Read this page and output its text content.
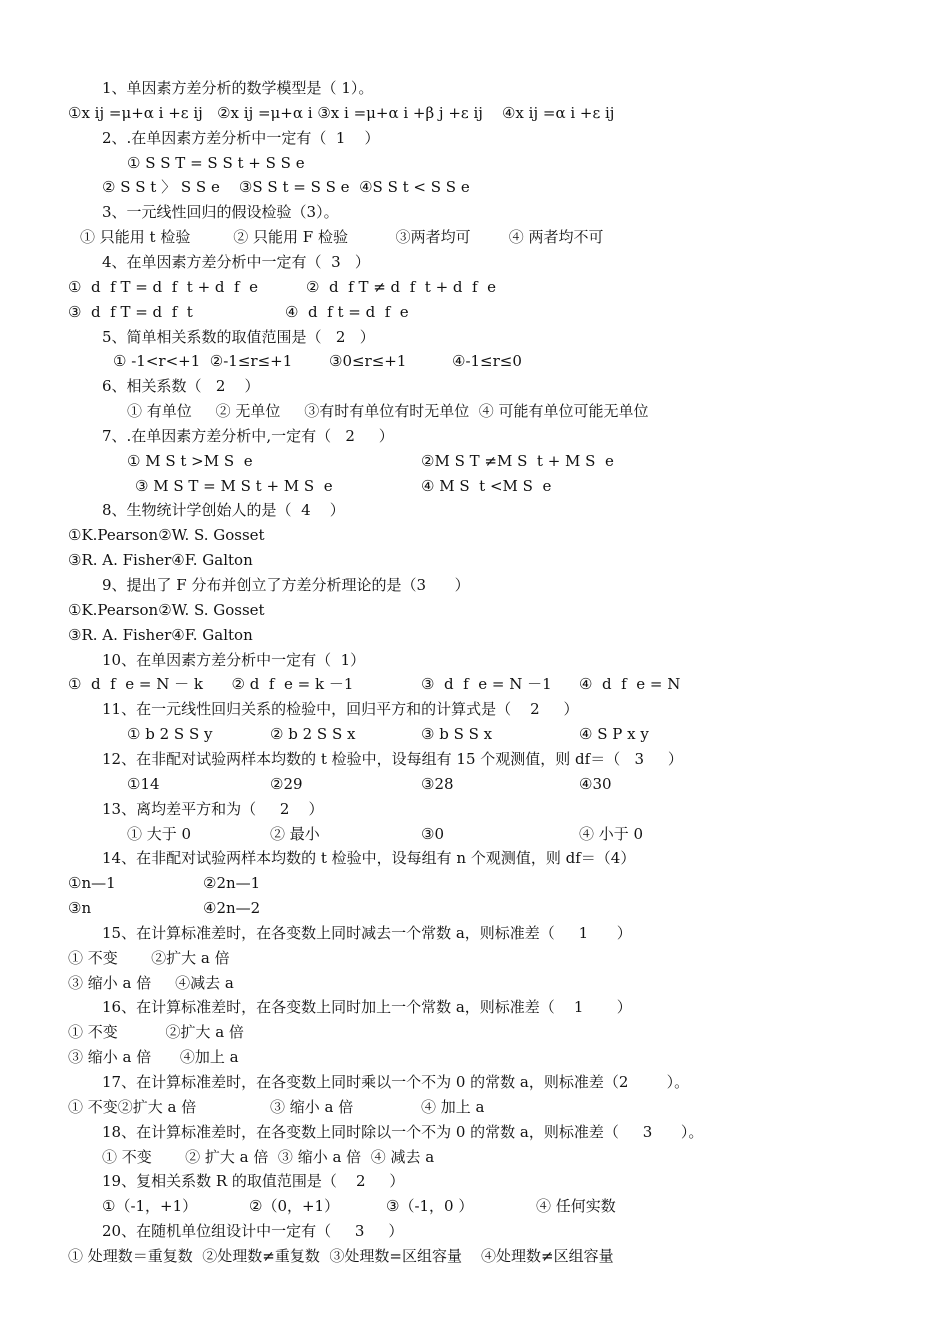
1、单因素方差分析的数学模型是（ 1）。
①x ij =μ+α i +ε ij   ②x ij =μ+α i ③x i =μ+α i +β j +ε ij    ④x ij =α i +ε ij
2、.在单因素方差分析中一定有（  1    ）
① S S T = S S t + S S e
② S S t 〉 S S e    ③S S t = S S e  ④S S t < S S e
3、一元线性回归的假设检验（3）。
① 只能用 t 检验         ② 只能用 F 检验          ③两者均可        ④ 两者均不可
4、在单因素方差分析中一定有（  3   ）
①  d  f T = d  f  t + d  f  e	②  d  f T ≠ d  f  t + d  f  e
③  d  f T = d  f  t	④  d  f t = d  f  e
5、简单相关系数的取值范围是（   2   ）
① -1<r<+1  ②-1≤r≤+1 ③0≤r≤+1	④-1≤r≤0
6、相关系数（   2    ）
① 有单位     ② 无单位     ③有时有单位有时无单位  ④ 可能有单位可能无单位
7、.在单因素方差分析中,一定有（   2     ）
① M S t >M S  e	②M S T ≠M S  t + M S  e
③ M S T = M S t + M S  e	④ M S  t <M S  e
8、生物统计学创始人的是（  4    ）
①K.Pearson②W. S. Gosset
③R. A. Fisher④F. Galton
9、提出了 F 分布并创立了方差分析理论的是（3      ）
①K.Pearson②W. S. Gosset
③R. A. Fisher④F. Galton
10、在单因素方差分析中一定有（  1）
①  d  f  e = N － k      ② d  f  e = k －1	③  d  f  e = N －1 ④  d  f  e = N
11、在一元线性回归关系的检验中，回归平方和的计算式是（    2     ）
① b 2 S S y	② b 2 S S x	③ b S S x	④ S P x y
12、在非配对试验两样本均数的 t 检验中，设每组有 15 个观测值，则 df＝（   3     ）
①14	②29	③28	④30
13、离均差平方和为（     2    ）
① 大于 0	② 最小	③0	④ 小于 0
14、在非配对试验两样本均数的 t 检验中，设每组有 n 个观测值，则 df＝（4）
①n—1	②2n—1
③n	④2n—2
15、在计算标准差时，在各变数上同时减去一个常数 a，则标准差（     1      ）
① 不变       ②扩大 a 倍
③ 缩小 a 倍     ④减去 a
16、在计算标准差时，在各变数上同时加上一个常数 a，则标准差（    1       ）
① 不变          ②扩大 a 倍
③ 缩小 a 倍      ④加上 a
17、在计算标准差时，在各变数上同时乘以一个不为 0 的常数 a，则标准差（2        ）。
① 不变②扩大 a 倍	③ 缩小 a 倍	④ 加上 a
18、在计算标准差时，在各变数上同时除以一个不为 0 的常数 a，则标准差（     3      ）。
① 不变       ② 扩大 a 倍  ③ 缩小 a 倍  ④ 减去 a
19、复相关系数 R 的取值范围是（    2     ）
①（-1，+1）	②（0，+1）	③（-1，0 ）	④ 任何实数
20、在随机单位组设计中一定有（     3     ）
① 处理数＝重复数  ②处理数≠重复数  ③处理数=区组容量    ④处理数≠区组容量
